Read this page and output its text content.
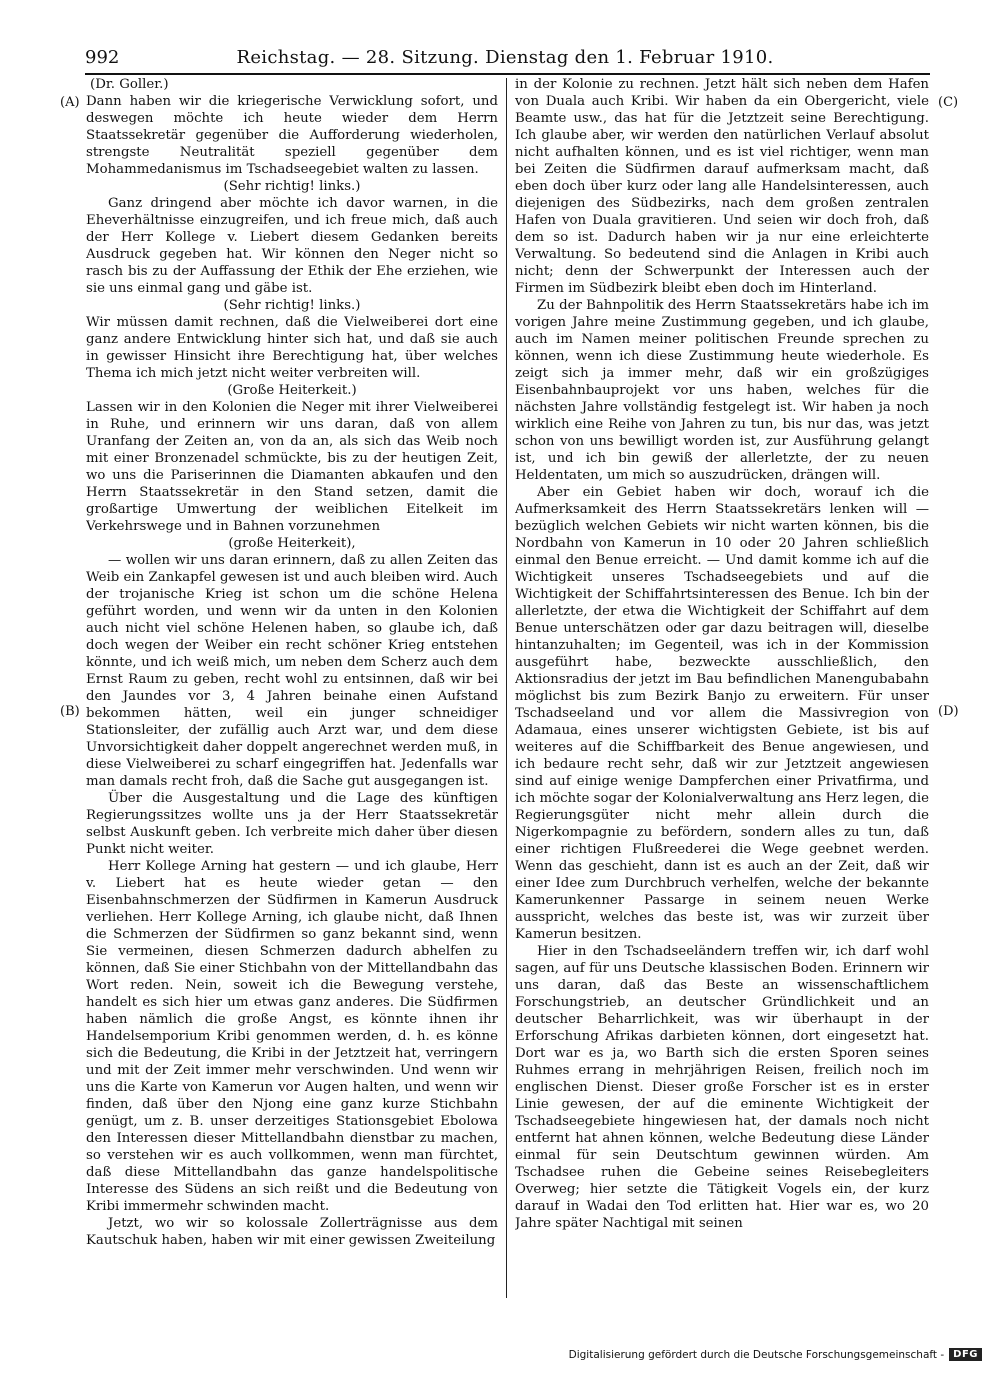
992	Reichstag. — 28. Sitzung. Dienstag den 1. Februar 1910.
(A)
(B)
(C)
(D)

(Dr. Goller.)

Dann haben wir die kriegerische Verwicklung sofort, und deswegen möchte ich heute wieder dem Herrn Staatssekretär gegenüber die Aufforderung wiederholen, strengste Neutralität speziell gegenüber dem Mohammedanismus im Tschadseegebiet walten zu lassen.

(Sehr richtig! links.)

Ganz dringend aber möchte ich davor warnen, in die Eheverhältnisse einzugreifen, und ich freue mich, daß auch der Herr Kollege v. Liebert diesem Gedanken bereits Ausdruck gegeben hat. Wir können den Neger nicht so rasch bis zu der Auffassung der Ethik der Ehe erziehen, wie sie uns einmal gang und gäbe ist.

(Sehr richtig! links.)

Wir müssen damit rechnen, daß die Vielweiberei dort eine ganz andere Entwicklung hinter sich hat, und daß sie auch in gewisser Hinsicht ihre Berechtigung hat, über welches Thema ich mich jetzt nicht weiter verbreiten will.

(Große Heiterkeit.)

Lassen wir in den Kolonien die Neger mit ihrer Vielweiberei in Ruhe, und erinnern wir uns daran, daß von allem Uranfang der Zeiten an, von da an, als sich das Weib noch mit einer Bronzenadel schmückte, bis zu der heutigen Zeit, wo uns die Pariserinnen die Diamanten abkaufen und den Herrn Staatssekretär in den Stand setzen, damit die großartige Umwertung der weiblichen Eitelkeit im Verkehrswege und in Bahnen vorzunehmen

(große Heiterkeit),

— wollen wir uns daran erinnern, daß zu allen Zeiten das Weib ein Zankapfel gewesen ist und auch bleiben wird. Auch der trojanische Krieg ist schon um die schöne Helena geführt worden, und wenn wir da unten in den Kolonien auch nicht viel schöne Helenen haben, so glaube ich, daß doch wegen der Weiber ein recht schöner Krieg entstehen könnte, und ich weiß mich, um neben dem Scherz auch dem Ernst Raum zu geben, recht wohl zu entsinnen, daß wir bei den Jaundes vor 3, 4 Jahren beinahe einen Aufstand bekommen hätten, weil ein junger schneidiger Stationsleiter, der zufällig auch Arzt war, und dem diese Unvorsichtigkeit daher doppelt angerechnet werden muß, in diese Vielweiberei zu scharf eingegriffen hat. Jedenfalls war man damals recht froh, daß die Sache gut ausgegangen ist.

Über die Ausgestaltung und die Lage des künftigen Regierungssitzes wollte uns ja der Herr Staatssekretär selbst Auskunft geben. Ich verbreite mich daher über diesen Punkt nicht weiter.

Herr Kollege Arning hat gestern — und ich glaube, Herr v. Liebert hat es heute wieder getan — den Eisenbahnschmerzen der Südfirmen in Kamerun Ausdruck verliehen. Herr Kollege Arning, ich glaube nicht, daß Ihnen die Schmerzen der Südfirmen so ganz bekannt sind, wenn Sie vermeinen, diesen Schmerzen dadurch abhelfen zu können, daß Sie einer Stichbahn von der Mittellandbahn das Wort reden. Nein, soweit ich die Bewegung verstehe, handelt es sich hier um etwas ganz anderes. Die Südfirmen haben nämlich die große Angst, es könnte ihnen ihr Handelsemporium Kribi genommen werden, d. h. es könne sich die Bedeutung, die Kribi in der Jetztzeit hat, verringern und mit der Zeit immer mehr verschwinden. Und wenn wir uns die Karte von Kamerun vor Augen halten, und wenn wir finden, daß über den Njong eine ganz kurze Stichbahn genügt, um z. B. unser derzeitiges Stationsgebiet Ebolowa den Interessen dieser Mittellandbahn dienstbar zu machen, so verstehen wir es auch vollkommen, wenn man fürchtet, daß diese Mittellandbahn das ganze handelspolitische Interesse des Südens an sich reißt und die Bedeutung von Kribi immermehr schwinden macht.

Jetzt, wo wir so kolossale Zollerträgnisse aus dem Kautschuk haben, haben wir mit einer gewissen Zweiteilung

in der Kolonie zu rechnen. Jetzt hält sich neben dem Hafen von Duala auch Kribi. Wir haben da ein Obergericht, viele Beamte usw., das hat für die Jetztzeit seine Berechtigung. Ich glaube aber, wir werden den natürlichen Verlauf absolut nicht aufhalten können, und es ist viel richtiger, wenn man bei Zeiten die Südfirmen darauf aufmerksam macht, daß eben doch über kurz oder lang alle Handelsinteressen, auch diejenigen des Südbezirks, nach dem großen zentralen Hafen von Duala gravitieren. Und seien wir doch froh, daß dem so ist. Dadurch haben wir ja nur eine erleichterte Verwaltung. So bedeutend sind die Anlagen in Kribi auch nicht; denn der Schwerpunkt der Interessen auch der Firmen im Südbezirk bleibt eben doch im Hinterland.

Zu der Bahnpolitik des Herrn Staatssekretärs habe ich im vorigen Jahre meine Zustimmung gegeben, und ich glaube, auch im Namen meiner politischen Freunde sprechen zu können, wenn ich diese Zustimmung heute wiederhole. Es zeigt sich ja immer mehr, daß wir ein großzügiges Eisenbahnbauprojekt vor uns haben, welches für die nächsten Jahre vollständig festgelegt ist. Wir haben ja noch wirklich eine Reihe von Jahren zu tun, bis nur das, was jetzt schon von uns bewilligt worden ist, zur Ausführung gelangt ist, und ich bin gewiß der allerletzte, der zu neuen Heldentaten, um mich so auszudrücken, drängen will.

Aber ein Gebiet haben wir doch, worauf ich die Aufmerksamkeit des Herrn Staatssekretärs lenken will — bezüglich welchen Gebiets wir nicht warten können, bis die Nordbahn von Kamerun in 10 oder 20 Jahren schließlich einmal den Benue erreicht. — Und damit komme ich auf die Wichtigkeit unseres Tschadseegebiets und auf die Wichtigkeit der Schiffahrtsinteressen des Benue. Ich bin der allerletzte, der etwa die Wichtigkeit der Schiffahrt auf dem Benue unterschätzen oder gar dazu beitragen will, dieselbe hintanzuhalten; im Gegenteil, was ich in der Kommission ausgeführt habe, bezweckte ausschließlich, den Aktionsradius der jetzt im Bau befindlichen Manengubabahn möglichst bis zum Bezirk Banjo zu erweitern. Für unser Tschadseeland und vor allem die Massivregion von Adamaua, eines unserer wichtigsten Gebiete, ist bis auf weiteres auf die Schiffbarkeit des Benue angewiesen, und ich bedaure recht sehr, daß wir zur Jetztzeit angewiesen sind auf einige wenige Dampferchen einer Privatfirma, und ich möchte sogar der Kolonialverwaltung ans Herz legen, die Regierungsgüter nicht mehr allein durch die Nigerkompagnie zu befördern, sondern alles zu tun, daß einer richtigen Flußreederei die Wege geebnet werden. Wenn das geschieht, dann ist es auch an der Zeit, daß wir einer Idee zum Durchbruch verhelfen, welche der bekannte Kamerunkenner Passarge in seinem neuen Werke ausspricht, welches das beste ist, was wir zurzeit über Kamerun besitzen.

Hier in den Tschadseeländern treffen wir, ich darf wohl sagen, auf für uns Deutsche klassischen Boden. Erinnern wir uns daran, daß das Beste an wissenschaftlichem Forschungstrieb, an deutscher Gründlichkeit und an deutscher Beharrlichkeit, was wir überhaupt in der Erforschung Afrikas darbieten können, dort eingesetzt hat. Dort war es ja, wo Barth sich die ersten Sporen seines Ruhmes errang in mehrjährigen Reisen, freilich noch im englischen Dienst. Dieser große Forscher ist es in erster Linie gewesen, der auf die eminente Wichtigkeit der Tschadseegebiete hingewiesen hat, der damals noch nicht entfernt hat ahnen können, welche Bedeutung diese Länder einmal für sein Deutschtum gewinnen würden. Am Tschadsee ruhen die Gebeine seines Reisebegleiters Overweg; hier setzte die Tätigkeit Vogels ein, der kurz darauf in Wadai den Tod erlitten hat. Hier war es, wo 20 Jahre später Nachtigal mit seinen

Digitalisierung gefördert durch die Deutsche Forschungsgemeinschaft - DFG
